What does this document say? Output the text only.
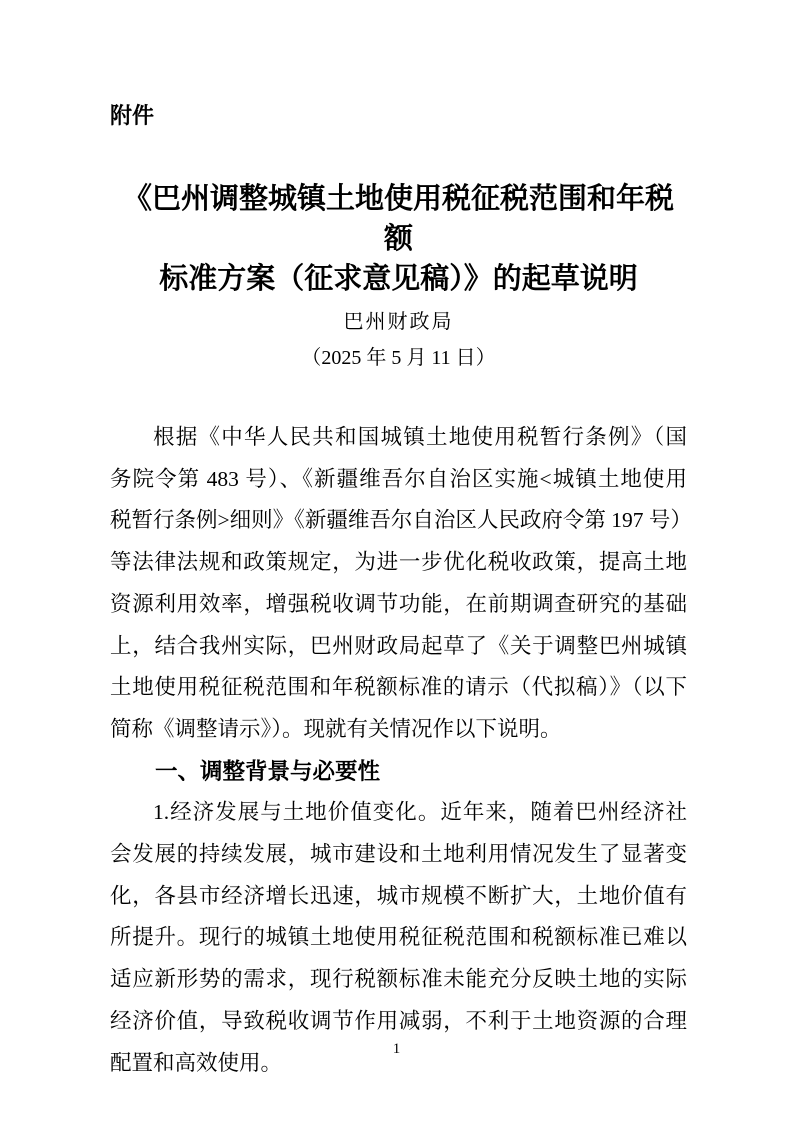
附件
《巴州调整城镇土地使用税征税范围和年税额
标准方案（征求意见稿）》的起草说明
巴州财政局
（2025 年 5 月 11 日）
根据《中华人民共和国城镇土地使用税暂行条例》（国
务院令第 483 号）、《新疆维吾尔自治区实施<城镇土地使用
税暂行条例>细则》《新疆维吾尔自治区人民政府令第 197 号）
等法律法规和政策规定，为进一步优化税收政策，提高土地
资源利用效率，增强税收调节功能，在前期调查研究的基础
上，结合我州实际，巴州财政局起草了《关于调整巴州城镇
土地使用税征税范围和年税额标准的请示（代拟稿）》（以下
简称《调整请示》）。现就有关情况作以下说明。
一、调整背景与必要性
1.经济发展与土地价值变化。近年来，随着巴州经济社
会发展的持续发展，城市建设和土地利用情况发生了显著变
化，各县市经济增长迅速，城市规模不断扩大，土地价值有
所提升。现行的城镇土地使用税征税范围和税额标准已难以
适应新形势的需求，现行税额标准未能充分反映土地的实际
经济价值，导致税收调节作用减弱，不利于土地资源的合理
配置和高效使用。
1
